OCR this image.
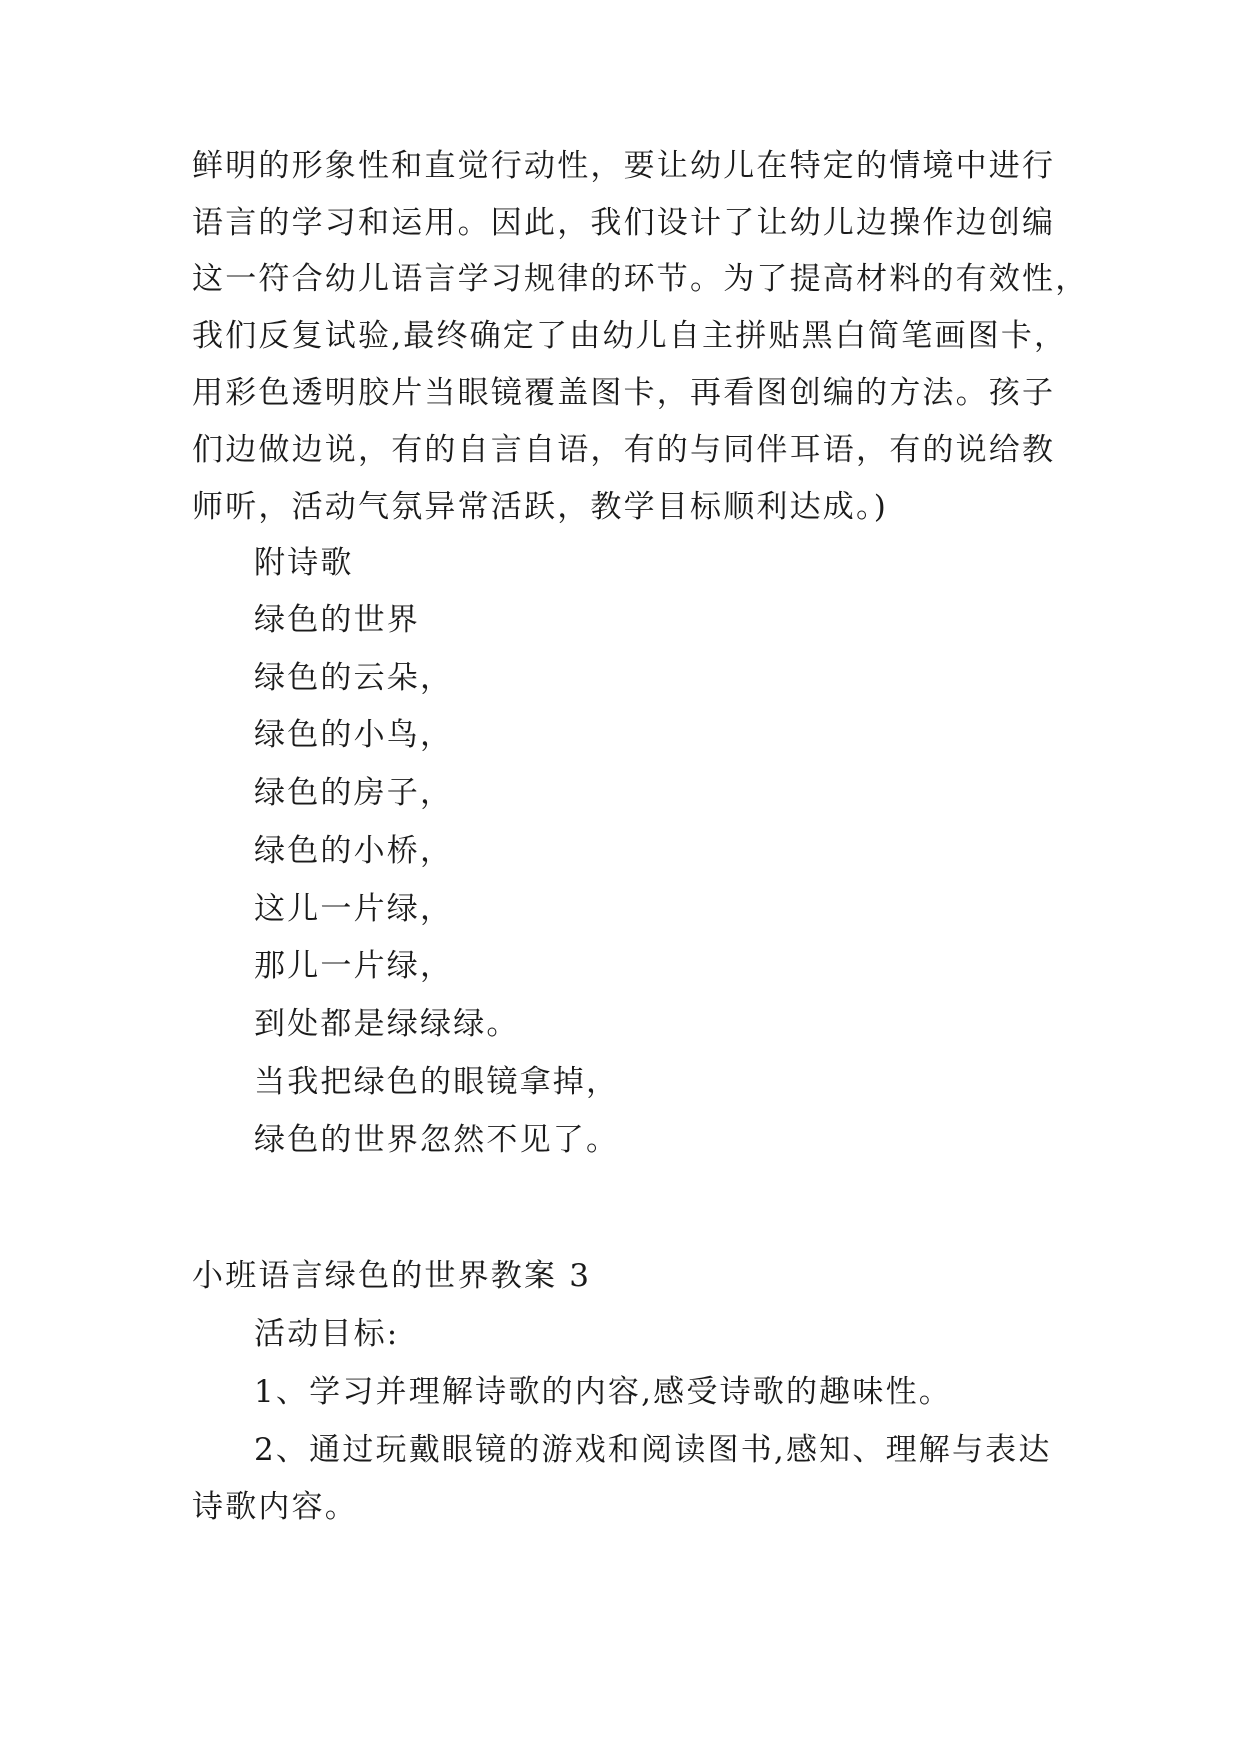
鲜明的形象性和直觉行动性，要让幼儿在特定的情境中进行
语言的学习和运用。因此，我们设计了让幼儿边操作边创编
这一符合幼儿语言学习规律的环节。为了提高材料的有效性，
我们反复试验,最终确定了由幼儿自主拼贴黑白简笔画图卡，
用彩色透明胶片当眼镜覆盖图卡，再看图创编的方法。孩子
们边做边说，有的自言自语，有的与同伴耳语，有的说给教
师听，活动气氛异常活跃，教学目标顺利达成。)
附诗歌
绿色的世界
绿色的云朵，
绿色的小鸟，
绿色的房子，
绿色的小桥，
这儿一片绿，
那儿一片绿，
到处都是绿绿绿。
当我把绿色的眼镜拿掉，
绿色的世界忽然不见了。
小班语言绿色的世界教案 3
活动目标:
1、学习并理解诗歌的内容,感受诗歌的趣味性。
2、通过玩戴眼镜的游戏和阅读图书,感知、理解与表达
诗歌内容。
